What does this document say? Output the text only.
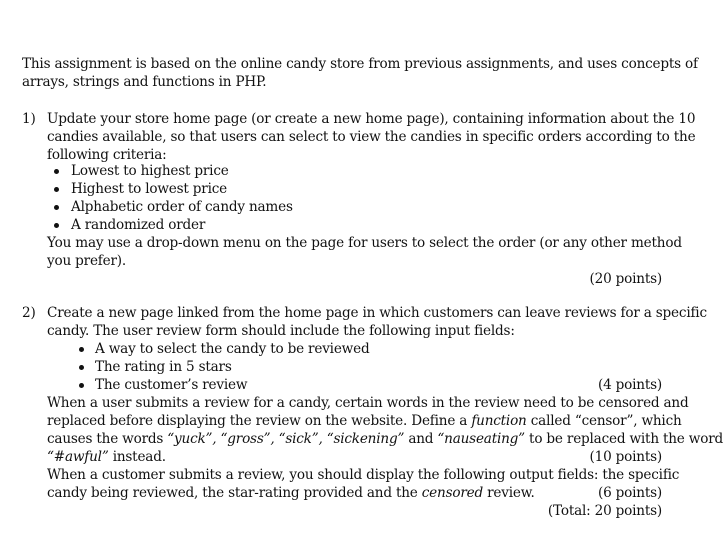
This assignment is based on the online candy store from previous assignments, and uses concepts of
arrays, strings and functions in PHP.
1) Update your store home page (or create a new home page), containing information about the 10
candies available, so that users can select to view the candies in specific orders according to the
following criteria:
Lowest to highest price
Highest to lowest price
Alphabetic order of candy names
A randomized order
You may use a drop-down menu on the page for users to select the order (or any other method
you prefer).
(20 points)
2) Create a new page linked from the home page in which customers can leave reviews for a specific
candy. The user review form should include the following input fields:
A way to select the candy to be reviewed
The rating in 5 stars
The customer’s review	(4 points)
When a user submits a review for a candy, certain words in the review need to be censored and
replaced before displaying the review on the website. Define a function called “censor”, which
causes the words “yuck”, “gross”, “sick”, “sickening” and “nauseating” to be replaced with the word
“#awful” instead.	(10 points)
When a customer submits a review, you should display the following output fields: the specific
candy being reviewed, the star-rating provided and the censored review.	(6 points)
(Total: 20 points)
